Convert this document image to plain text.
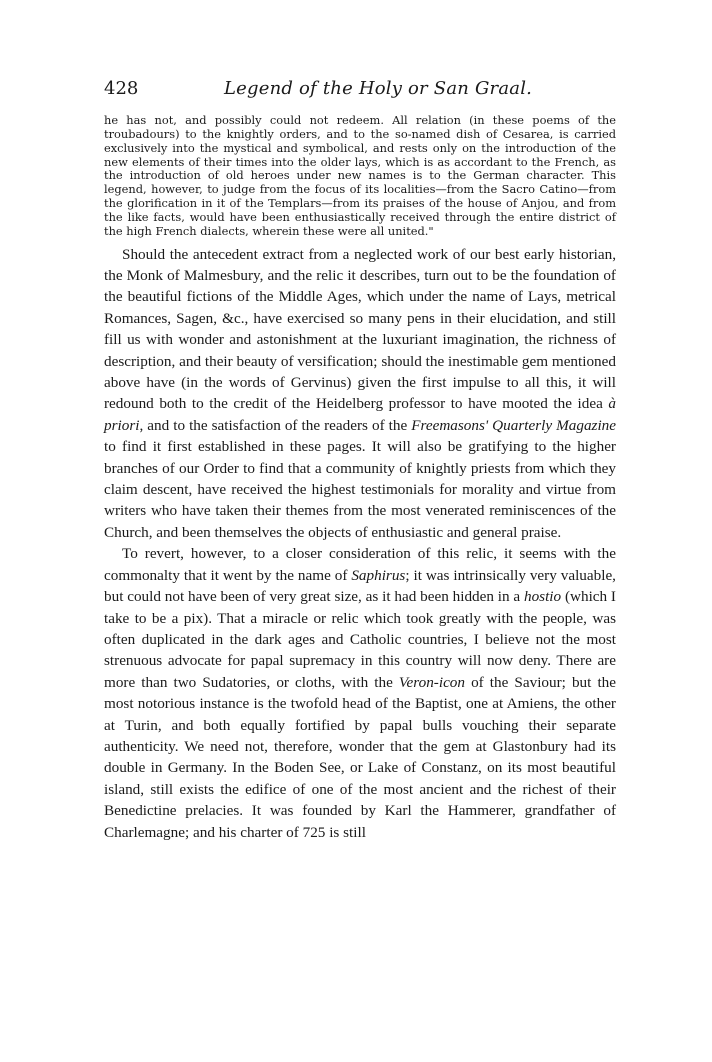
428	Legend of the Holy or San Graal.

he has not, and possibly could not redeem. All relation (in these poems of the troubadours) to the knightly orders, and to the so-named dish of Cesarea, is carried exclusively into the mystical and symbolical, and rests only on the introduction of the new elements of their times into the older lays, which is as accordant to the French, as the introduction of old heroes under new names is to the German character. This legend, however, to judge from the focus of its localities—from the Sacro Catino—from the glorification in it of the Templars—from its praises of the house of Anjou, and from the like facts, would have been enthusiastically received through the entire district of the high French dialects, wherein these were all united."

Should the antecedent extract from a neglected work of our best early historian, the Monk of Malmesbury, and the relic it describes, turn out to be the foundation of the beautiful fictions of the Middle Ages, which under the name of Lays, metrical Romances, Sagen, &c., have exercised so many pens in their elucidation, and still fill us with wonder and astonishment at the luxuriant imagination, the richness of description, and their beauty of versification; should the inestimable gem mentioned above have (in the words of Gervinus) given the first impulse to all this, it will redound both to the credit of the Heidelberg professor to have mooted the idea à priori, and to the satisfaction of the readers of the Freemasons' Quarterly Magazine to find it first established in these pages. It will also be gratifying to the higher branches of our Order to find that a community of knightly priests from which they claim descent, have received the highest testimonials for morality and virtue from writers who have taken their themes from the most venerated reminiscences of the Church, and been themselves the objects of enthusiastic and general praise.

To revert, however, to a closer consideration of this relic, it seems with the commonalty that it went by the name of Saphirus; it was intrinsically very valuable, but could not have been of very great size, as it had been hidden in a hostio (which I take to be a pix). That a miracle or relic which took greatly with the people, was often duplicated in the dark ages and Catholic countries, I believe not the most strenuous advocate for papal supremacy in this country will now deny. There are more than two Sudatories, or cloths, with the Veron-icon of the Saviour; but the most notorious instance is the twofold head of the Baptist, one at Amiens, the other at Turin, and both equally fortified by papal bulls vouching their separate authenticity. We need not, therefore, wonder that the gem at Glastonbury had its double in Germany. In the Boden See, or Lake of Constanz, on its most beautiful island, still exists the edifice of one of the most ancient and the richest of their Benedictine prelacies. It was founded by Karl the Hammerer, grandfather of Charlemagne; and his charter of 725 is still
